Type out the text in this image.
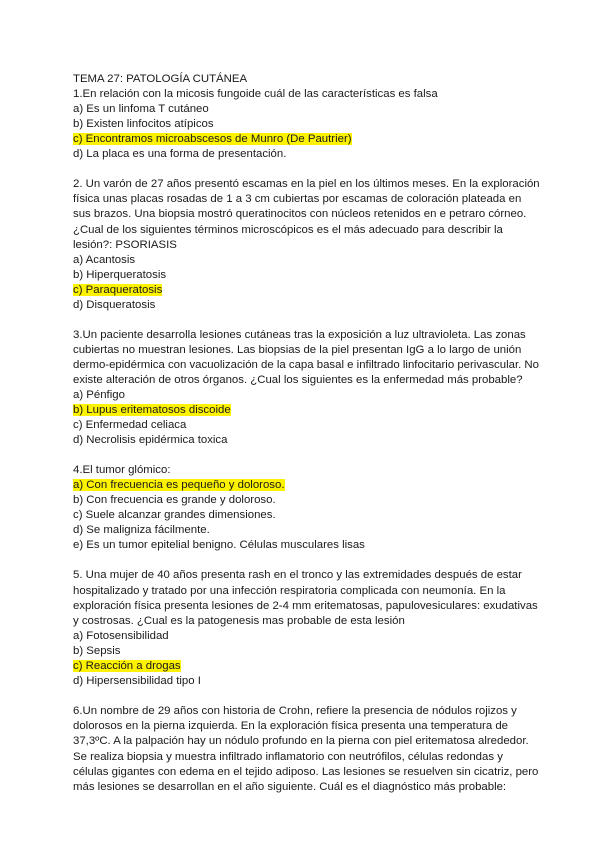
TEMA 27: PATOLOGÍA CUTÁNEA
1.En relación con la micosis fungoide cuál de las características es falsa
a) Es un linfoma T cutáneo
b) Existen linfocitos atípicos
c) Encontramos microabscesos de Munro (De Pautrier)
d) La placa es una forma de presentación.
2. Un varón de 27 años presentó escamas en la piel en los últimos meses. En la exploración
física unas placas rosadas de 1 a 3 cm cubiertas por escamas de coloración plateada en
sus brazos. Una biopsia mostró queratinocitos con núcleos retenidos en e petraro córneo.
¿Cual de los siguientes términos microscópicos es el más adecuado para describir la
lesión?: PSORIASIS
a) Acantosis
b) Hiperqueratosis
c) Paraqueratosis
d) Disqueratosis
3.Un paciente desarrolla lesiones cutáneas tras la exposición a luz ultravioleta. Las zonas
cubiertas no muestran lesiones. Las biopsias de la piel presentan IgG a lo largo de unión
dermo-epidérmica con vacuolización de la capa basal e infiltrado linfocitario perivascular. No
existe alteración de otros órganos. ¿Cual los siguientes es la enfermedad más probable?
a) Pénfigo
b) Lupus eritematosos discoide
c) Enfermedad celiaca
d) Necrolisis epidérmica toxica
4.El tumor glómico:
a) Con frecuencia es pequeño y doloroso.
b) Con frecuencia es grande y doloroso.
c) Suele alcanzar grandes dimensiones.
d) Se maligniza fácilmente.
e) Es un tumor epitelial benigno. Células musculares lisas
5. Una mujer de 40 años presenta rash en el tronco y las extremidades después de estar
hospitalizado y tratado por una infección respiratoria complicada con neumonía. En la
exploración física presenta lesiones de 2-4 mm eritematosas, papulovesiculares: exudativas
y costrosas. ¿Cual es la patogenesis mas probable de esta lesión
a) Fotosensibilidad
b) Sepsis
c) Reacción a drogas
d) Hipersensibilidad tipo I
6.Un nombre de 29 años con historia de Crohn, refiere la presencia de nódulos rojizos y
dolorosos en la pierna izquierda. En la exploración física presenta una temperatura de
37,3ºC. A la palpación hay un nódulo profundo en la pierna con piel eritematosa alrededor.
Se realiza biopsia y muestra infiltrado inflamatorio con neutrófilos, células redondas y
células gigantes con edema en el tejido adiposo. Las lesiones se resuelven sin cicatriz, pero
más lesiones se desarrollan en el año siguiente. Cuál es el diagnóstico más probable:
